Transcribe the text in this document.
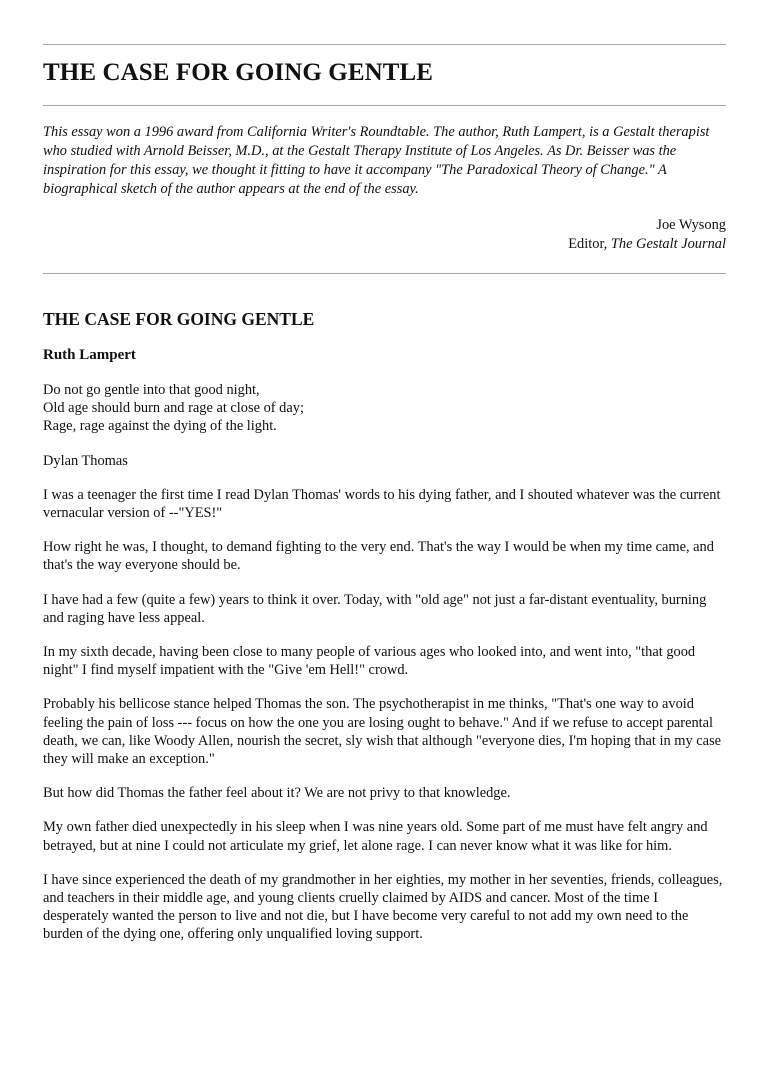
THE CASE FOR GOING GENTLE

This essay won a 1996 award from California Writer's Roundtable. The author, Ruth Lampert, is a Gestalt therapist who studied with Arnold Beisser, M.D., at the Gestalt Therapy Institute of Los Angeles. As Dr. Beisser was the inspiration for this essay, we thought it fitting to have it accompany "The Paradoxical Theory of Change." A biographical sketch of the author appears at the end of the essay.

Joe Wysong
Editor, The Gestalt Journal
THE CASE FOR GOING GENTLE

Ruth Lampert

Do not go gentle into that good night,
Old age should burn and rage at close of day;
Rage, rage against the dying of the light.

Dylan Thomas

I was a teenager the first time I read Dylan Thomas' words to his dying father, and I shouted whatever was the current vernacular version of --"YES!"

How right he was, I thought, to demand fighting to the very end. That's the way I would be when my time came, and that's the way everyone should be.

I have had a few (quite a few) years to think it over. Today, with "old age" not just a far-distant eventuality, burning and raging have less appeal.

In my sixth decade, having been close to many people of various ages who looked into, and went into, "that good night" I find myself impatient with the "Give 'em Hell!" crowd.

Probably his bellicose stance helped Thomas the son. The psychotherapist in me thinks, "That's one way to avoid feeling the pain of loss --- focus on how the one you are losing ought to behave." And if we refuse to accept parental death, we can, like Woody Allen, nourish the secret, sly wish that although "everyone dies, I'm hoping that in my case they will make an exception."

But how did Thomas the father feel about it? We are not privy to that knowledge.

My own father died unexpectedly in his sleep when I was nine years old. Some part of me must have felt angry and betrayed, but at nine I could not articulate my grief, let alone rage. I can never know what it was like for him.

I have since experienced the death of my grandmother in her eighties, my mother in her seventies, friends, colleagues, and teachers in their middle age, and young clients cruelly claimed by AIDS and cancer. Most of the time I desperately wanted the person to live and not die, but I have become very careful to not add my own need to the burden of the dying one, offering only unqualified loving support.
